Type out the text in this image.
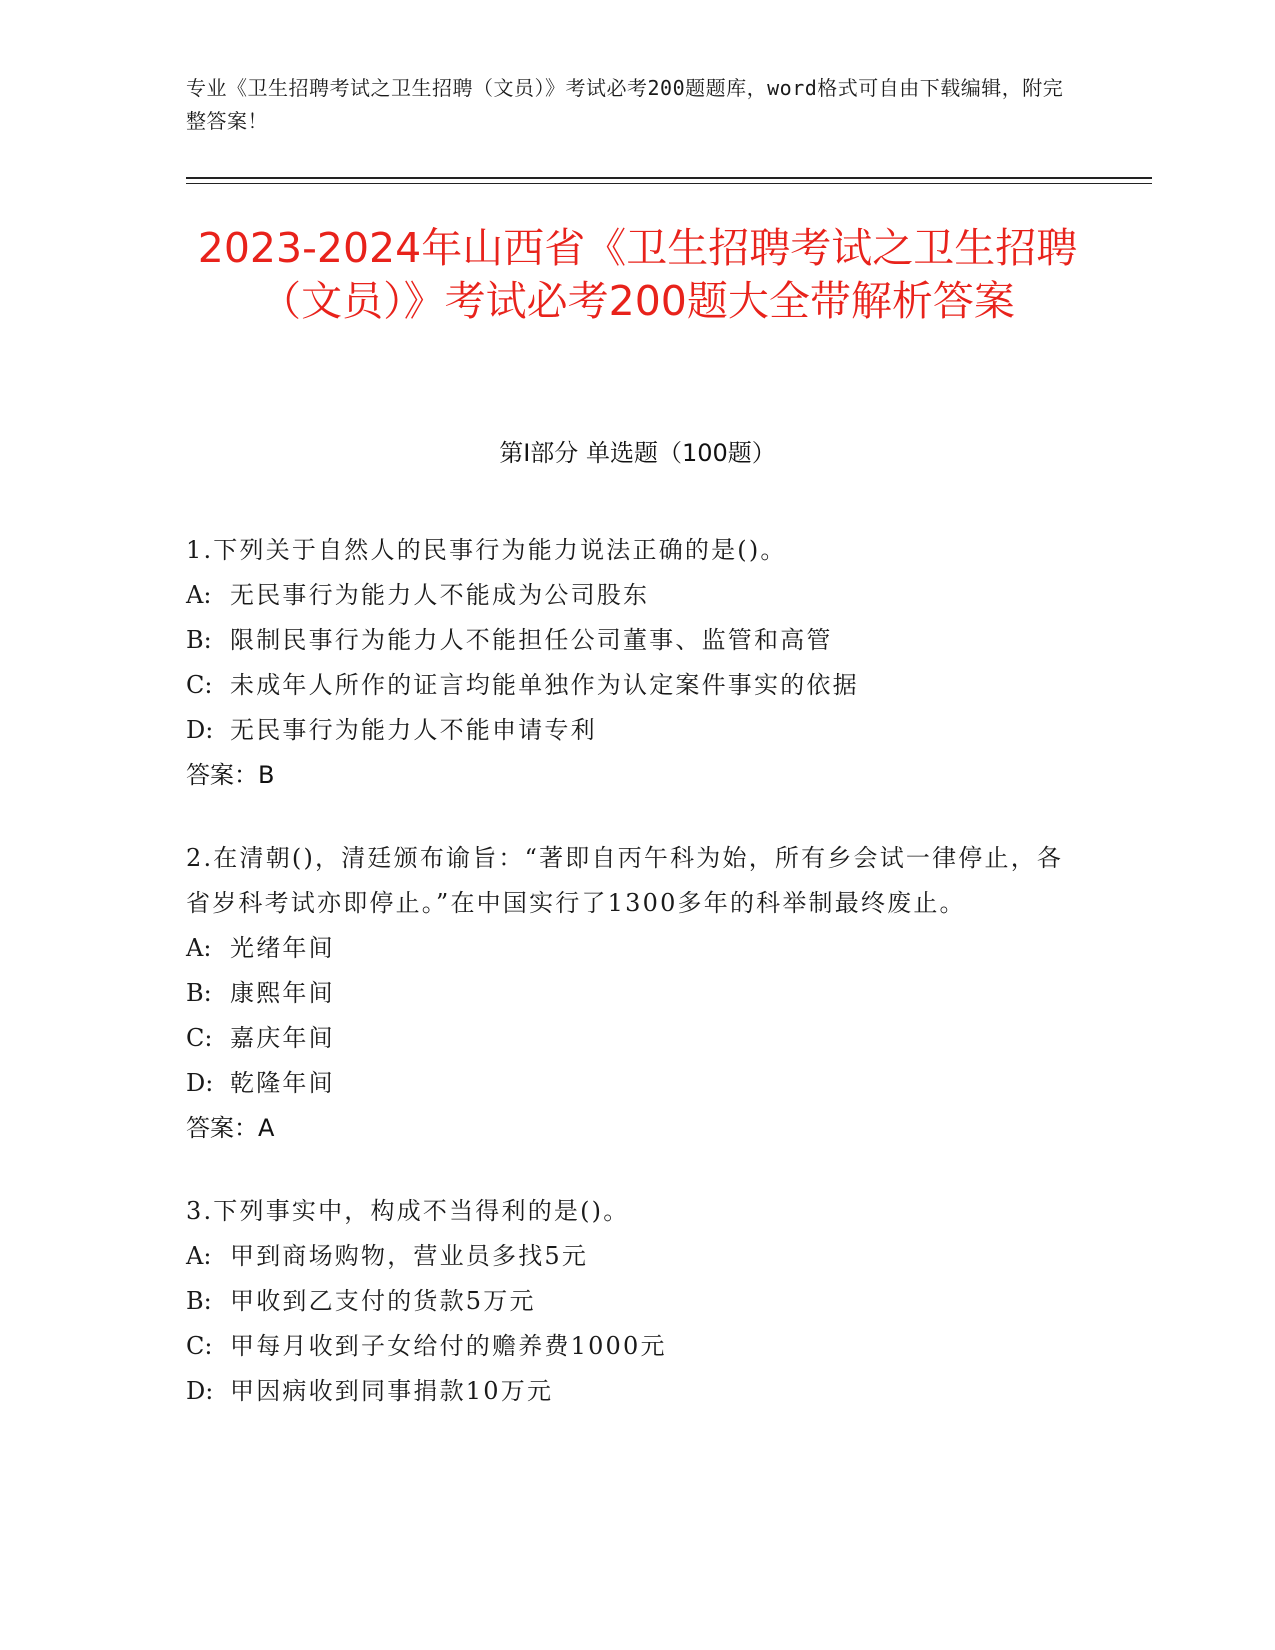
专业《卫生招聘考试之卫生招聘（文员）》考试必考200题题库，word格式可自由下载编辑，附完整答案！
2023-2024年山西省《卫生招聘考试之卫生招聘（文员）》考试必考200题大全带解析答案
第Ⅰ部分 单选题（100题）
1.下列关于自然人的民事行为能力说法正确的是()。
A: 无民事行为能力人不能成为公司股东
B: 限制民事行为能力人不能担任公司董事、监管和高管
C: 未成年人所作的证言均能单独作为认定案件事实的依据
D: 无民事行为能力人不能申请专利
答案：B
2.在清朝()，清廷颁布谕旨：“著即自丙午科为始，所有乡会试一律停止，各省岁科考试亦即停止。”在中国实行了1300多年的科举制最终废止。
A: 光绪年间
B: 康熙年间
C: 嘉庆年间
D: 乾隆年间
答案：A
3.下列事实中，构成不当得利的是()。
A: 甲到商场购物，营业员多找5元
B: 甲收到乙支付的货款5万元
C: 甲每月收到子女给付的赡养费1000元
D: 甲因病收到同事捐款10万元
